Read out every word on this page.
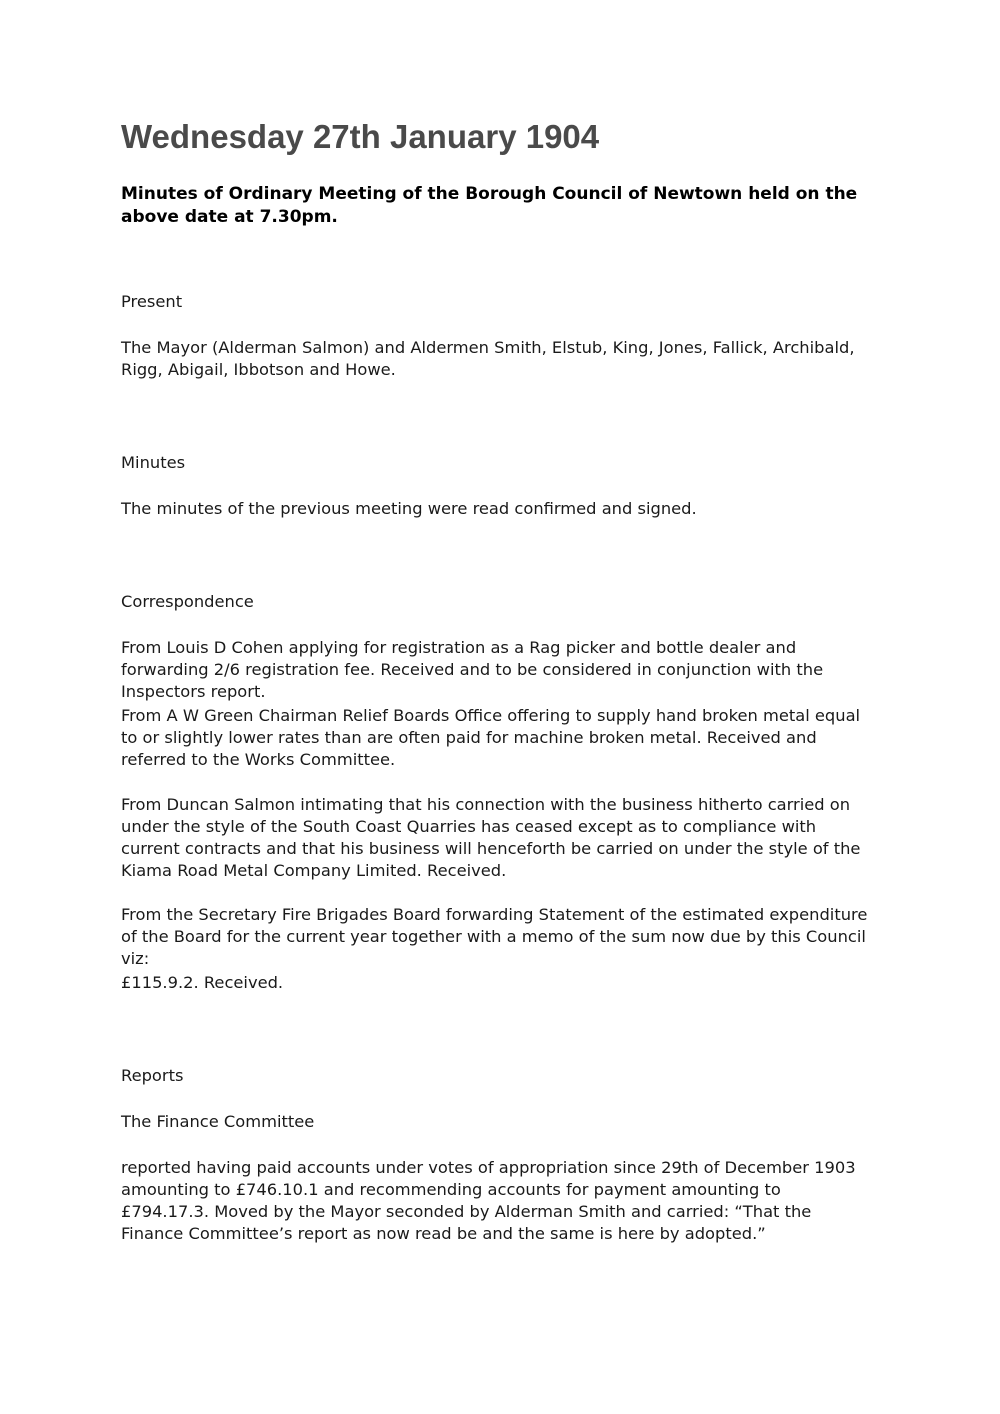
Wednesday 27th January 1904

Minutes of Ordinary Meeting of the Borough Council of Newtown held on the above date at 7.30pm.

Present

The Mayor (Alderman Salmon) and Aldermen Smith, Elstub, King, Jones, Fallick, Archibald, Rigg, Abigail, Ibbotson and Howe.

Minutes

The minutes of the previous meeting were read confirmed and signed.

Correspondence

From Louis D Cohen applying for registration as a Rag picker and bottle dealer and forwarding 2/6 registration fee. Received and to be considered in conjunction with the Inspectors report.

From A W Green Chairman Relief Boards Office offering to supply hand broken metal equal to or slightly lower rates than are often paid for machine broken metal. Received and referred to the Works Committee.

From Duncan Salmon intimating that his connection with the business hitherto carried on under the style of the South Coast Quarries has ceased except as to compliance with current contracts and that his business will henceforth be carried on under the style of the Kiama Road Metal Company Limited. Received.

From the Secretary Fire Brigades Board forwarding Statement of the estimated expenditure of the Board for the current year together with a memo of the sum now due by this Council viz:

£115.9.2. Received.

Reports

The Finance Committee

reported having paid accounts under votes of appropriation since 29th of December 1903 amounting to £746.10.1 and recommending accounts for payment amounting to £794.17.3. Moved by the Mayor seconded by Alderman Smith and carried: “That the Finance Committee’s report as now read be and the same is here by adopted.”
